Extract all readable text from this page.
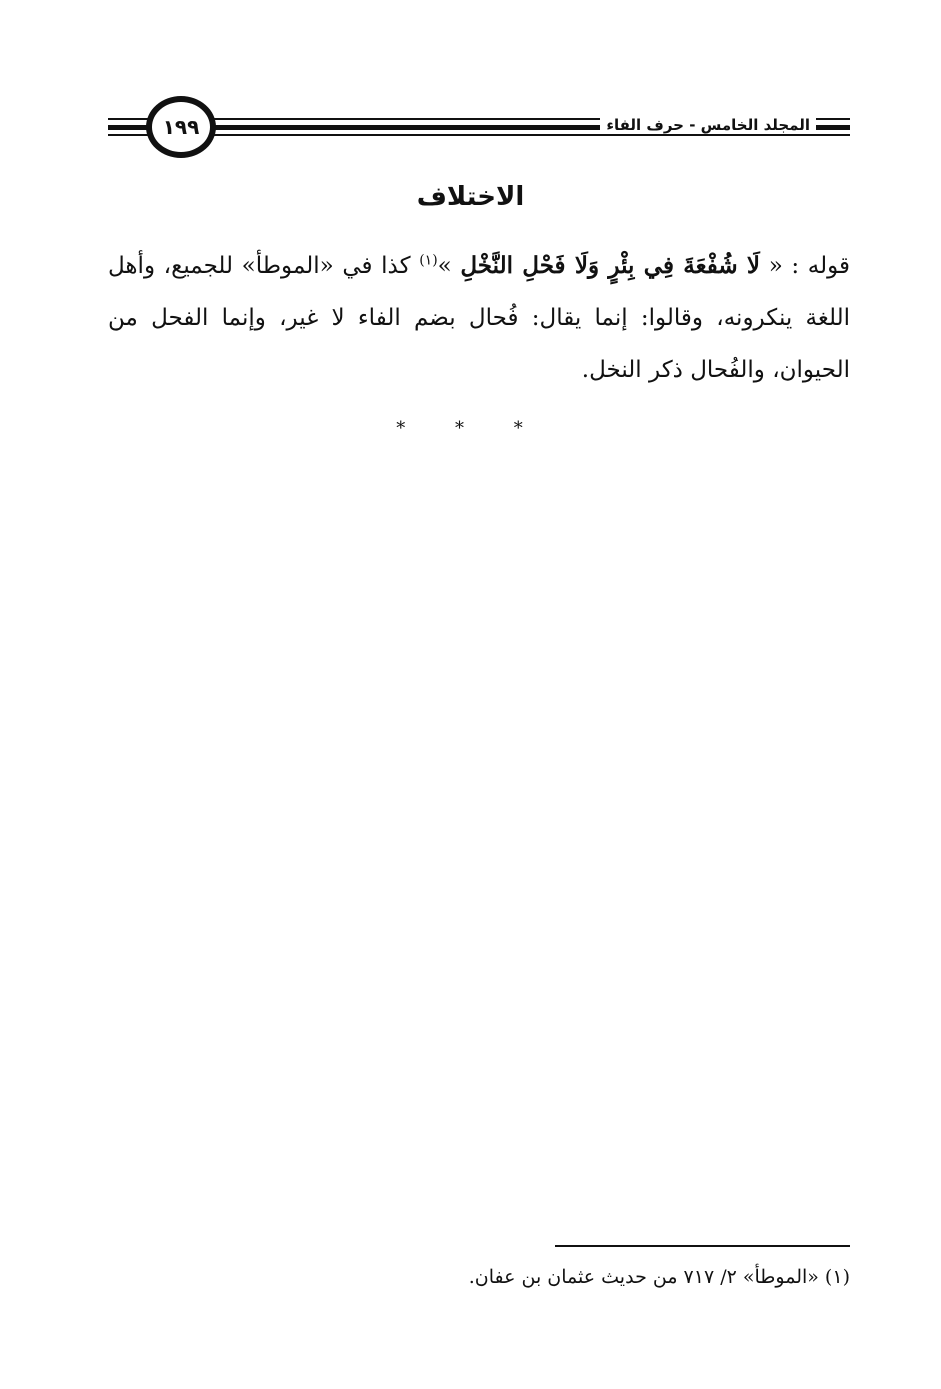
١٩٩	المجلد الخامس - حرف الفاء
الاختلاف
قوله : « لَا شُفْعَةَ فِي بِئْرٍ وَلَا فَحْلِ النَّخْلِ »$^{(١)}$ كذا في «الموطأ» للجميع، وأهل اللغة ينكرونه، وقالوا: إنما يقال: فُحال بضم الفاء لا غير، وإنما الفحل من الحيوان، والفُحال ذكر النخل.
* * *
(١) «الموطأ» ٢/ ٧١٧ من حديث عثمان بن عفان.
